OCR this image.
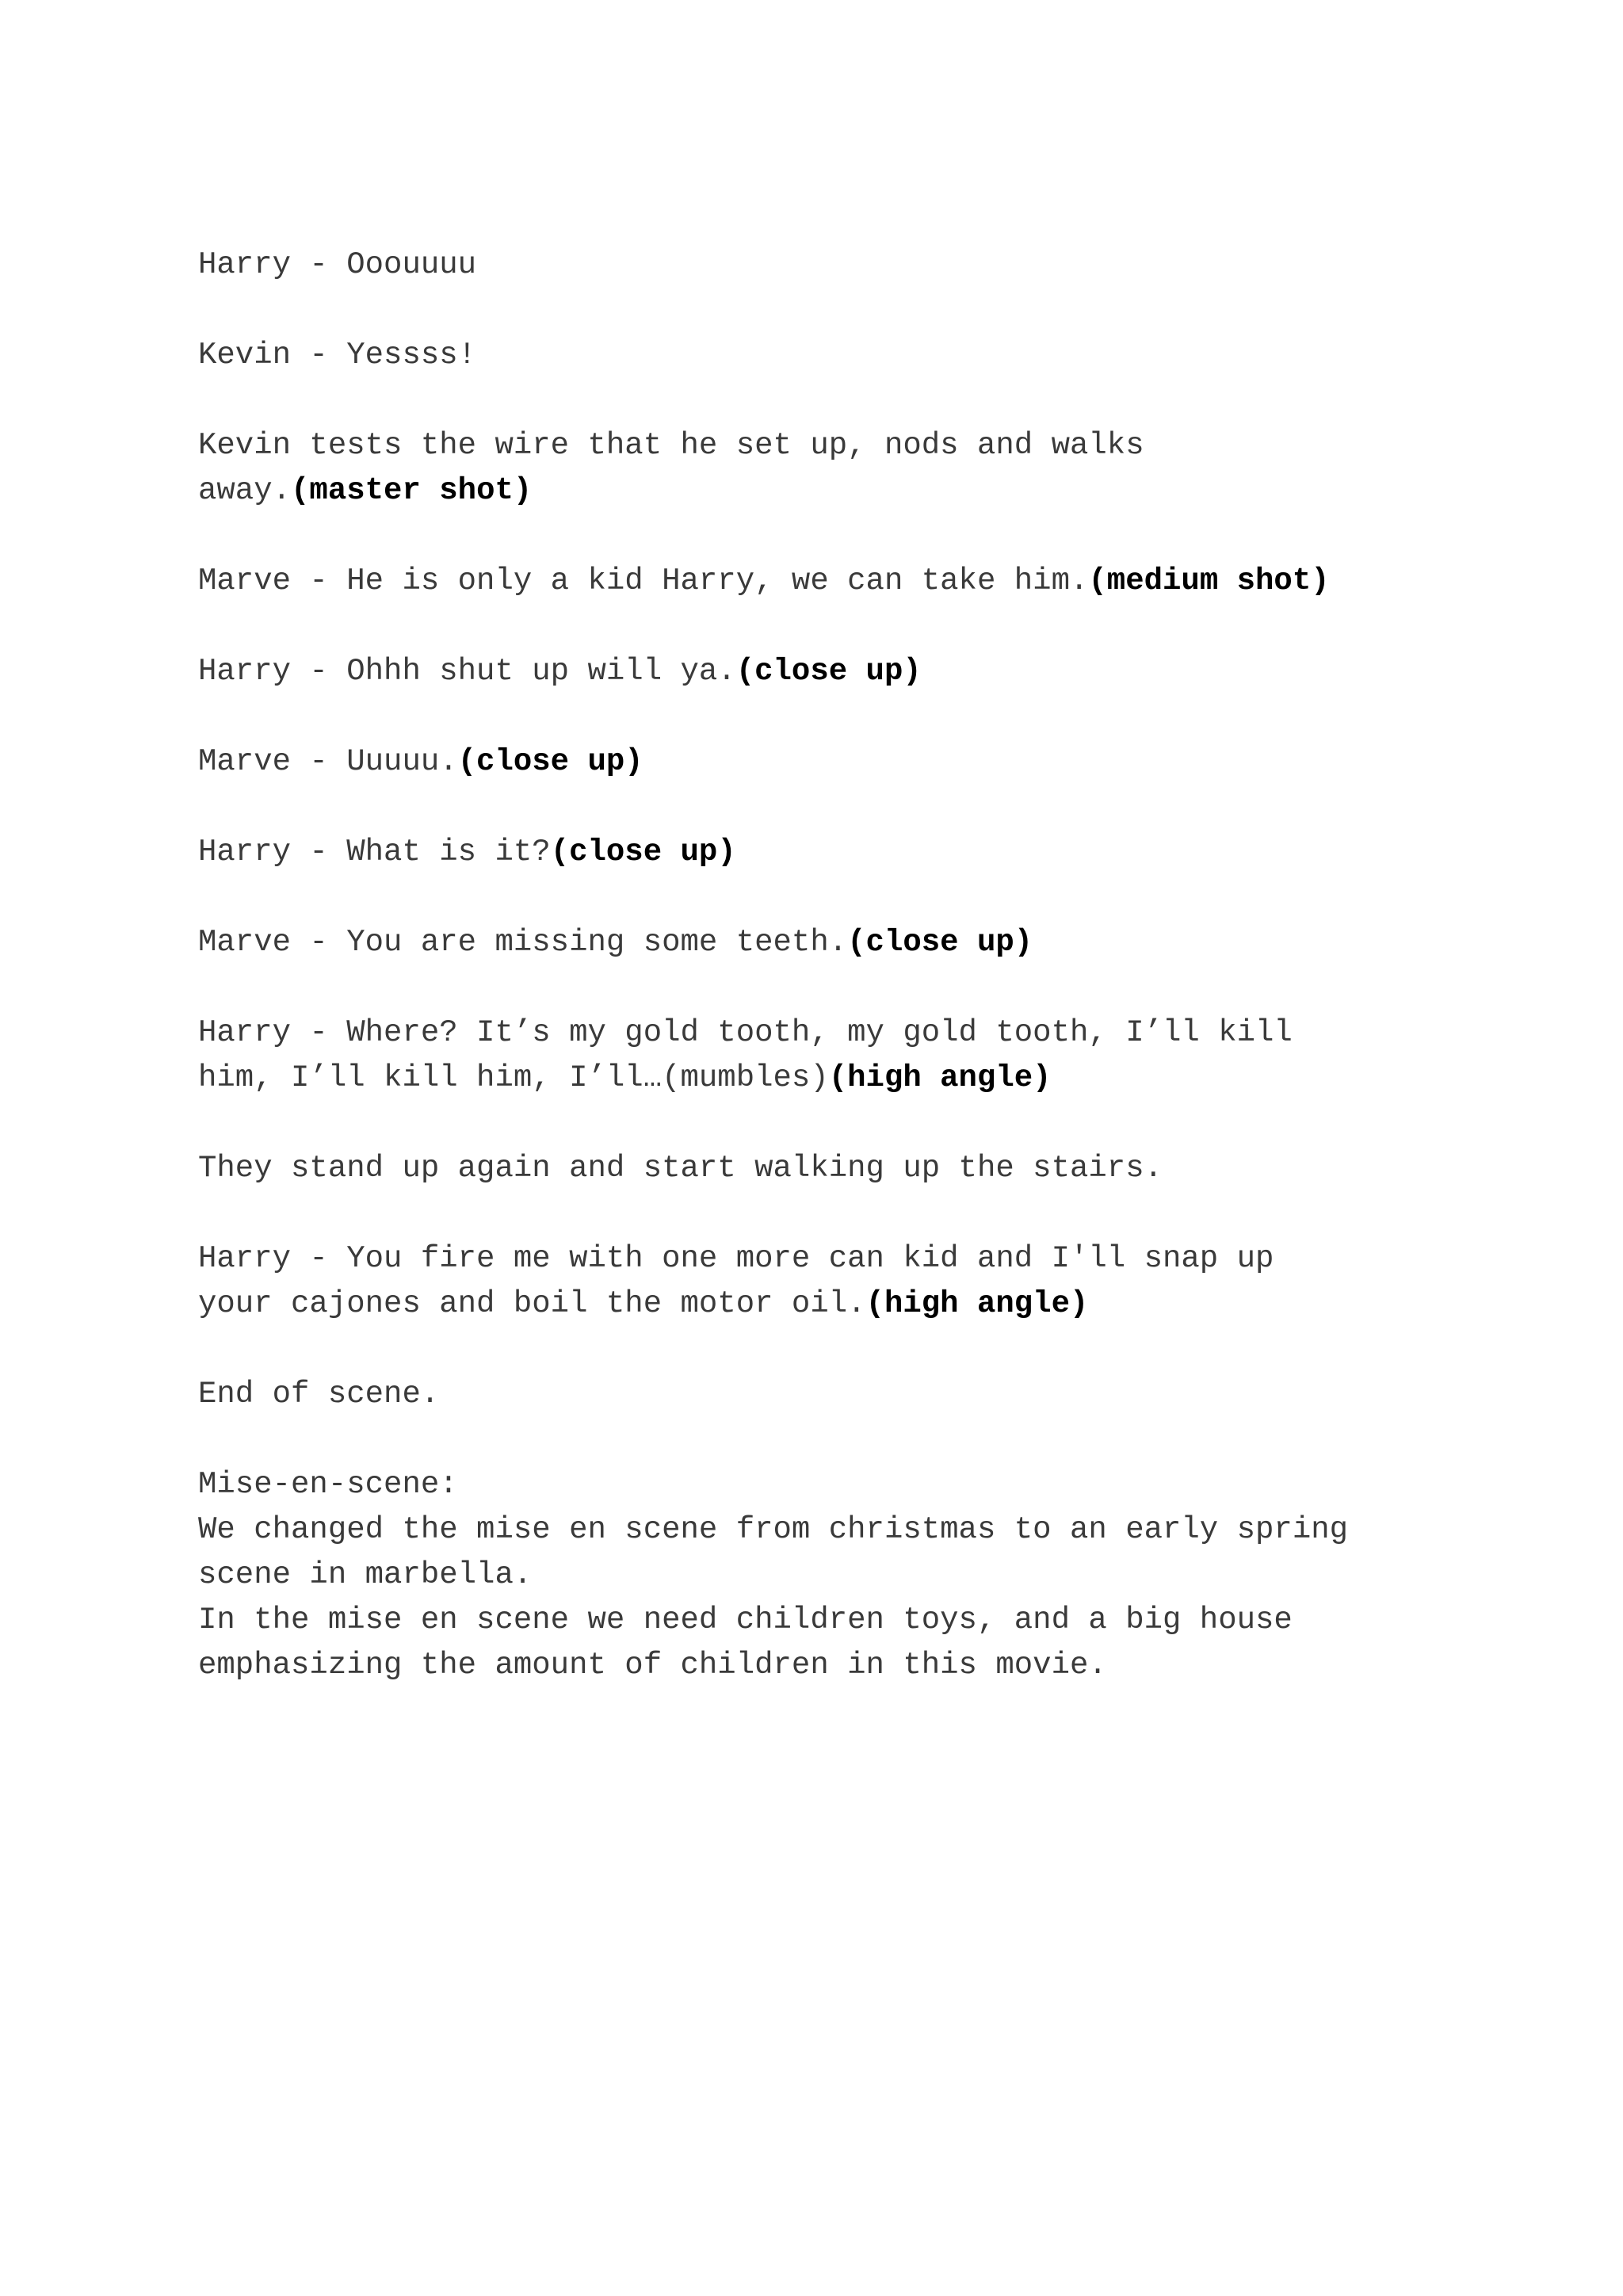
Harry - Ooouuuu

Kevin - Yessss!

Kevin tests the wire that he set up, nods and walks
away.(master shot)

Marve - He is only a kid Harry, we can take him.(medium shot)

Harry - Ohhh shut up will ya.(close up)

Marve - Uuuuu.(close up)

Harry - What is it?(close up)

Marve - You are missing some teeth.(close up)

Harry - Where? It’s my gold tooth, my gold tooth, I’ll kill
him, I’ll kill him, I’ll…(mumbles)(high angle)

They stand up again and start walking up the stairs.

Harry - You fire me with one more can kid and I'll snap up
your cajones and boil the motor oil.(high angle)

End of scene.

Mise-en-scene:

We changed the mise en scene from christmas to an early spring
scene in marbella.

In the mise en scene we need children toys, and a big house
emphasizing the amount of children in this movie.
